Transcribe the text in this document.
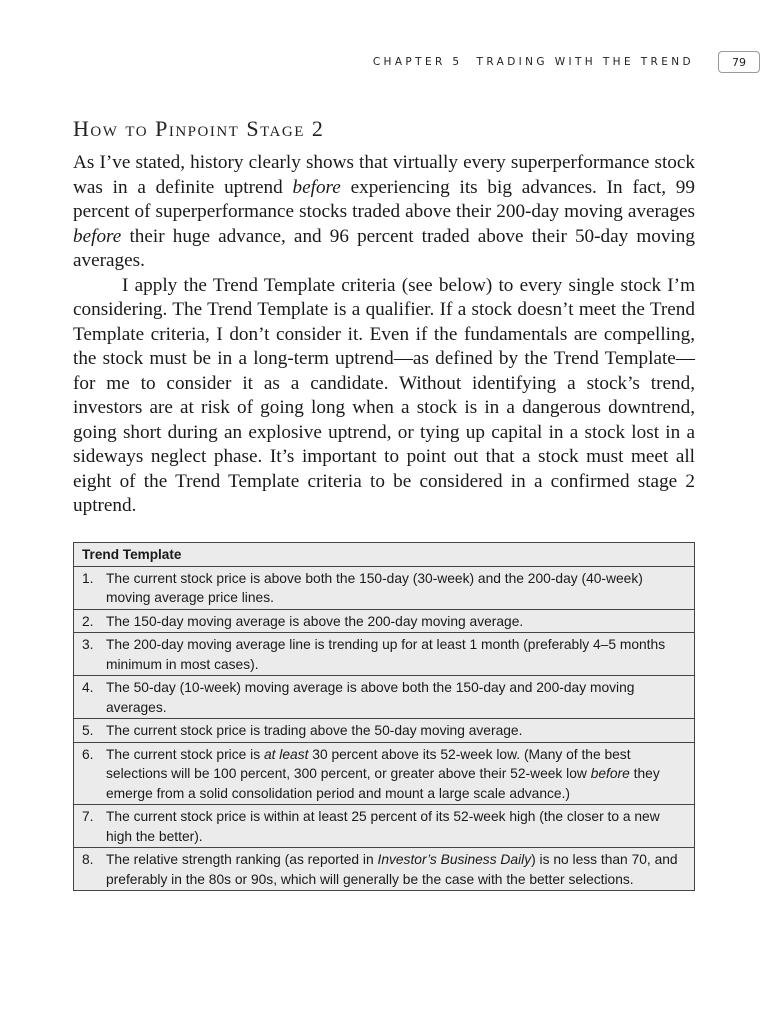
CHAPTER 5 TRADING WITH THE TREND	79
How to Pinpoint Stage 2

As I’ve stated, history clearly shows that virtually every superperformance stock was in a definite uptrend before experiencing its big advances. In fact, 99 percent of superperformance stocks traded above their 200-day moving averages before their huge advance, and 96 percent traded above their 50-day moving averages.

I apply the Trend Template criteria (see below) to every single stock I’m considering. The Trend Template is a qualifier. If a stock doesn’t meet the Trend Template criteria, I don’t consider it. Even if the fundamentals are compelling, the stock must be in a long-term uptrend—as defined by the Trend Template—for me to consider it as a candidate. Without identifying a stock’s trend, investors are at risk of going long when a stock is in a dangerous downtrend, going short during an explosive uptrend, or tying up capital in a stock lost in a sideways neglect phase. It’s important to point out that a stock must meet all eight of the Trend Template criteria to be considered in a confirmed stage 2 uptrend.

Trend Template
1. The current stock price is above both the 150-day (30-week) and the 200-day (40-week) moving average price lines.
2. The 150-day moving average is above the 200-day moving average.
3. The 200-day moving average line is trending up for at least 1 month (preferably 4–5 months minimum in most cases).
4. The 50-day (10-week) moving average is above both the 150-day and 200-day moving averages.
5. The current stock price is trading above the 50-day moving average.
6. The current stock price is at least 30 percent above its 52-week low. (Many of the best selections will be 100 percent, 300 percent, or greater above their 52-week low before they emerge from a solid consolidation period and mount a large scale advance.)
7. The current stock price is within at least 25 percent of its 52-week high (the closer to a new high the better).
8. The relative strength ranking (as reported in Investor’s Business Daily) is no less than 70, and preferably in the 80s or 90s, which will generally be the case with the better selections.
